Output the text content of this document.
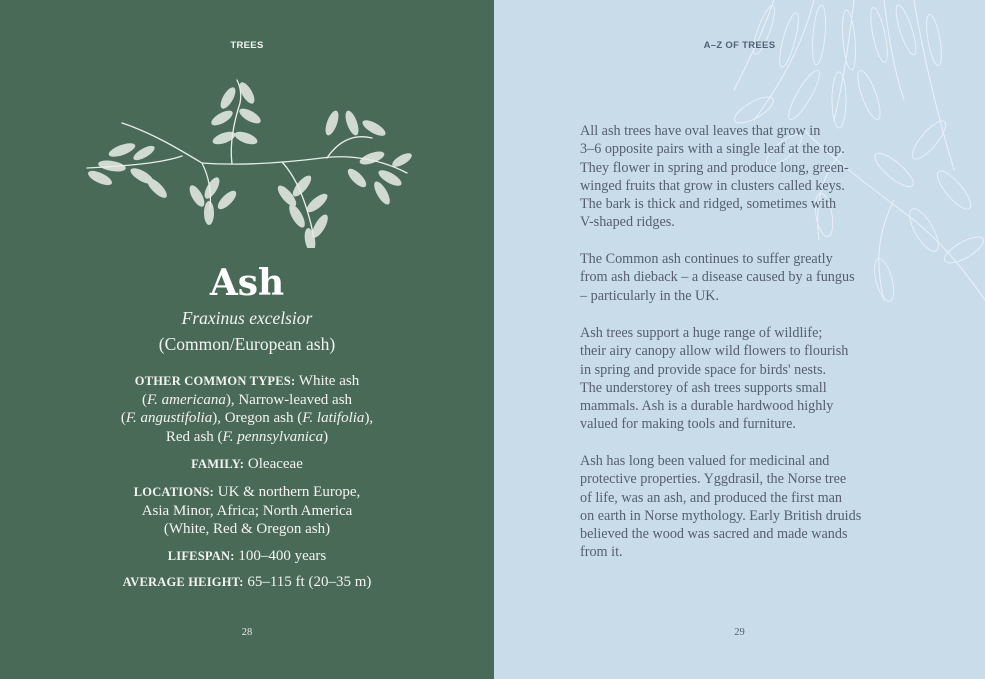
TREES
Ash
Fraxinus excelsior
(Common/European ash)
OTHER COMMON TYPES: White ash
(F. americana), Narrow-leaved ash
(F. angustifolia), Oregon ash (F. latifolia),
Red ash (F. pennsylvanica)
FAMILY: Oleaceae
LOCATIONS: UK & northern Europe,
Asia Minor, Africa; North America
(White, Red & Oregon ash)
LIFESPAN: 100–400 years
AVERAGE HEIGHT: 65–115 ft (20–35 m)
28
A–Z OF TREES
All ash trees have oval leaves that grow in
3–6 opposite pairs with a single leaf at the top.
They flower in spring and produce long, green-
winged fruits that grow in clusters called keys.
The bark is thick and ridged, sometimes with
V-shaped ridges.
The Common ash continues to suffer greatly
from ash dieback – a disease caused by a fungus
– particularly in the UK.
Ash trees support a huge range of wildlife;
their airy canopy allow wild flowers to flourish
in spring and provide space for birds' nests.
The understorey of ash trees supports small
mammals. Ash is a durable hardwood highly
valued for making tools and furniture.
Ash has long been valued for medicinal and
protective properties. Yggdrasil, the Norse tree
of life, was an ash, and produced the first man
on earth in Norse mythology. Early British druids
believed the wood was sacred and made wands
from it.
29
